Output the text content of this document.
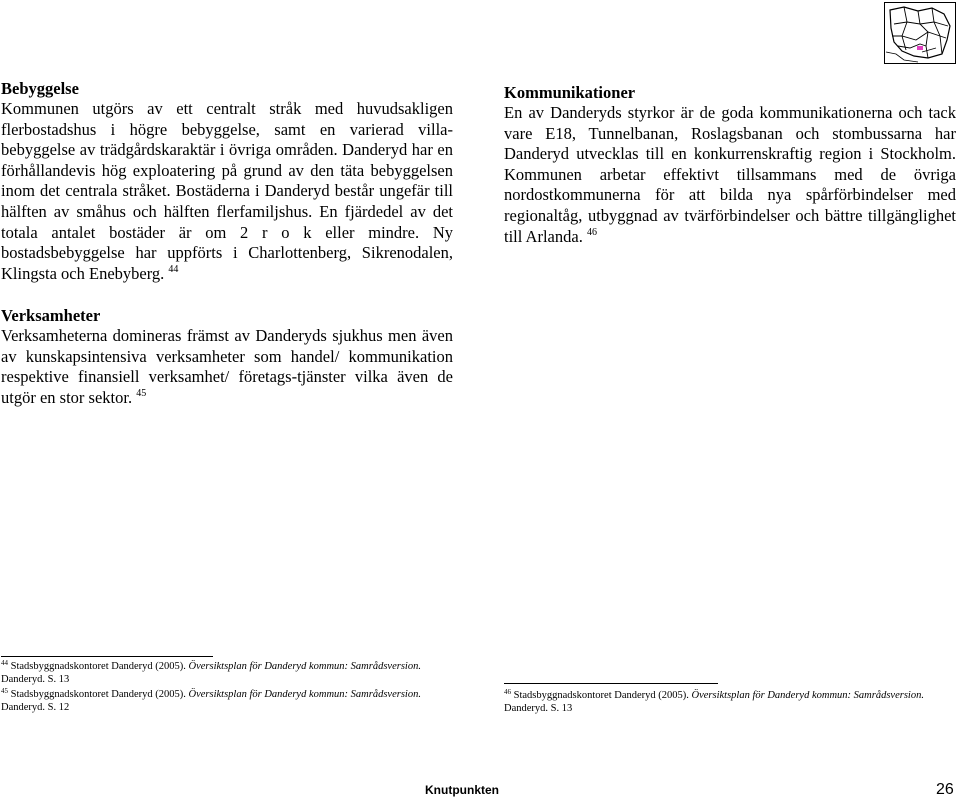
Bebyggelse

Kommunen utgörs av ett centralt stråk med huvudsakligen flerbostadshus i högre bebyggelse, samt en varierad villa-bebyggelse av trädgårdskaraktär i övriga områden. Danderyd har en förhållandevis hög exploatering på grund av den täta bebyggelsen inom det centrala stråket. Bostäderna i Danderyd består ungefär till hälften av småhus och hälften flerfamiljshus. En fjärdedel av det totala antalet bostäder är om 2 r o k eller mindre. Ny bostadsbebyggelse har uppförts i Charlottenberg, Sikrenodalen, Klingsta och Enebyberg. $^{44}$

Verksamheter

Verksamheterna domineras främst av Danderyds sjukhus men även av kunskapsintensiva verksamheter som handel/ kommunikation respektive finansiell verksamhet/ företags-tjänster vilka även de utgör en stor sektor. $^{45}$

Kommunikationer

En av Danderyds styrkor är de goda kommunikationerna och tack vare E18, Tunnelbanan, Roslagsbanan och stombussarna har Danderyd utvecklas till en konkurrenskraftig region i Stockholm. Kommunen arbetar effektivt tillsammans med de övriga nordostkommunerna för att bilda nya spårförbindelser med regionaltåg, utbyggnad av tvärförbindelser och bättre tillgänglighet till Arlanda. $^{46}$

$^{44}$ Stadsbyggnadskontoret Danderyd (2005). Översiktsplan för Danderyd kommun: Samrådsversion. Danderyd. S. 13
$^{45}$ Stadsbyggnadskontoret Danderyd (2005). Översiktsplan för Danderyd kommun: Samrådsversion. Danderyd. S. 12
$^{46}$ Stadsbyggnadskontoret Danderyd (2005). Översiktsplan för Danderyd kommun: Samrådsversion. Danderyd. S. 13
Knutpunkten	26
